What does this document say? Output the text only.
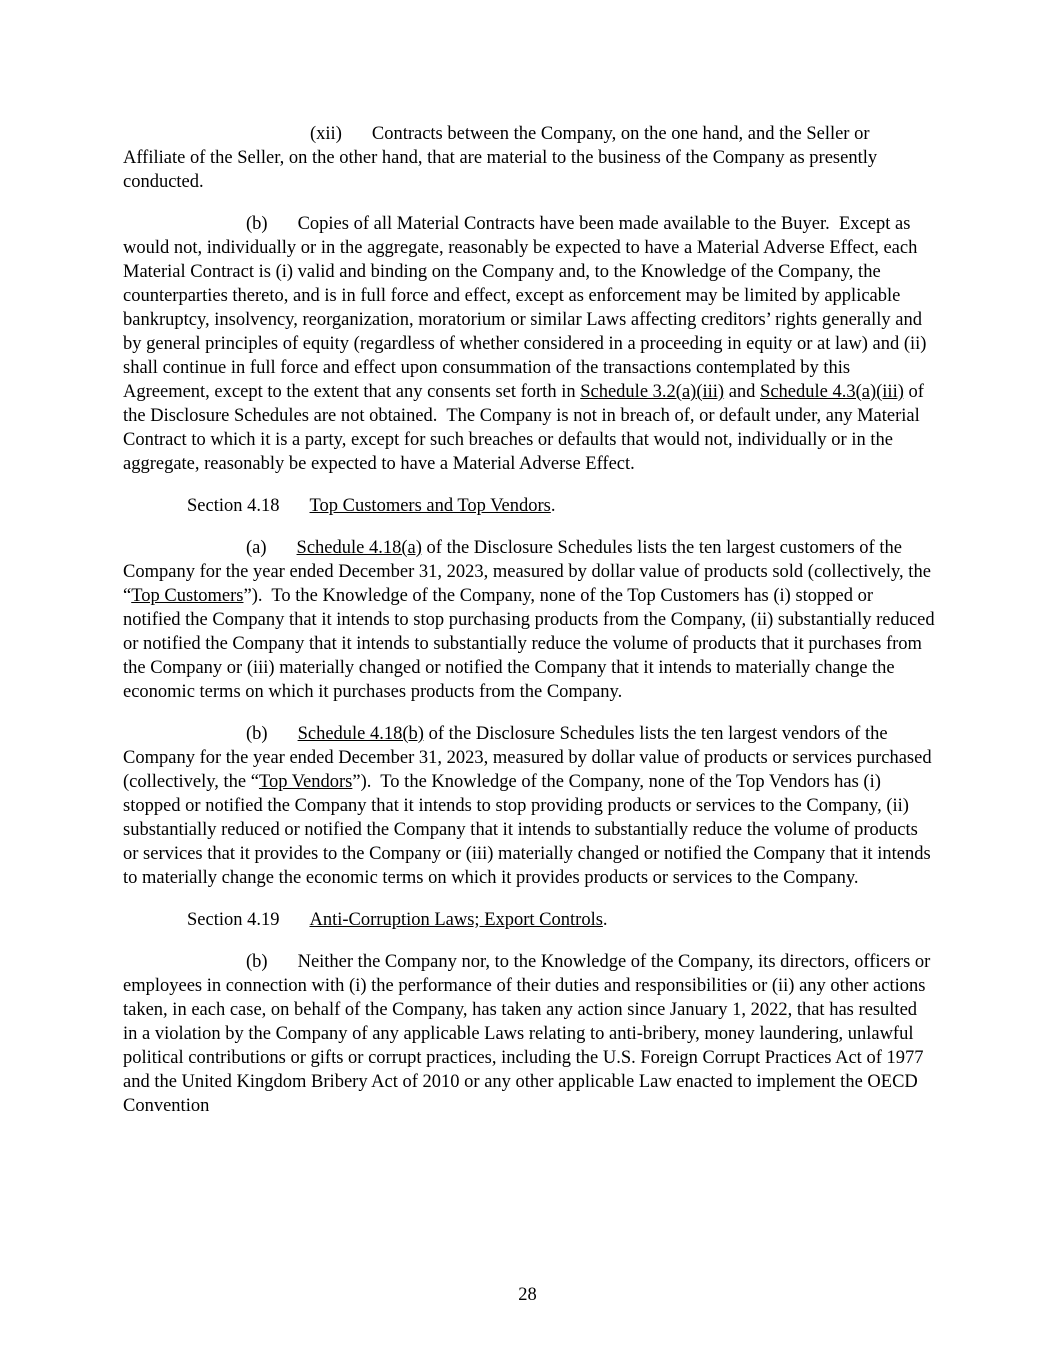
(xii) Contracts between the Company, on the one hand, and the Seller or Affiliate of the Seller, on the other hand, that are material to the business of the Company as presently conducted.

(b) Copies of all Material Contracts have been made available to the Buyer.  Except as would not, individually or in the aggregate, reasonably be expected to have a Material Adverse Effect, each Material Contract is (i) valid and binding on the Company and, to the Knowledge of the Company, the counterparties thereto, and is in full force and effect, except as enforcement may be limited by applicable bankruptcy, insolvency, reorganization, moratorium or similar Laws affecting creditors’ rights generally and by general principles of equity (regardless of whether considered in a proceeding in equity or at law) and (ii) shall continue in full force and effect upon consummation of the transactions contemplated by this Agreement, except to the extent that any consents set forth in Schedule 3.2(a)(iii) and Schedule 4.3(a)(iii) of the Disclosure Schedules are not obtained.  The Company is not in breach of, or default under, any Material Contract to which it is a party, except for such breaches or defaults that would not, individually or in the aggregate, reasonably be expected to have a Material Adverse Effect.

Section 4.18 Top Customers and Top Vendors.

(a) Schedule 4.18(a) of the Disclosure Schedules lists the ten largest customers of the Company for the year ended December 31, 2023, measured by dollar value of products sold (collectively, the “Top Customers”).  To the Knowledge of the Company, none of the Top Customers has (i) stopped or notified the Company that it intends to stop purchasing products from the Company, (ii) substantially reduced or notified the Company that it intends to substantially reduce the volume of products that it purchases from the Company or (iii) materially changed or notified the Company that it intends to materially change the economic terms on which it purchases products from the Company.

(b) Schedule 4.18(b) of the Disclosure Schedules lists the ten largest vendors of the Company for the year ended December 31, 2023, measured by dollar value of products or services purchased (collectively, the “Top Vendors”).  To the Knowledge of the Company, none of the Top Vendors has (i) stopped or notified the Company that it intends to stop providing products or services to the Company, (ii) substantially reduced or notified the Company that it intends to substantially reduce the volume of products or services that it provides to the Company or (iii) materially changed or notified the Company that it intends to materially change the economic terms on which it provides products or services to the Company.

Section 4.19 Anti-Corruption Laws; Export Controls.

(b) Neither the Company nor, to the Knowledge of the Company, its directors, officers or employees in connection with (i) the performance of their duties and responsibilities or (ii) any other actions taken, in each case, on behalf of the Company, has taken any action since January 1, 2022, that has resulted in a violation by the Company of any applicable Laws relating to anti-bribery, money laundering, unlawful political contributions or gifts or corrupt practices, including the U.S. Foreign Corrupt Practices Act of 1977 and the United Kingdom Bribery Act of 2010 or any other applicable Law enacted to implement the OECD Convention

28
